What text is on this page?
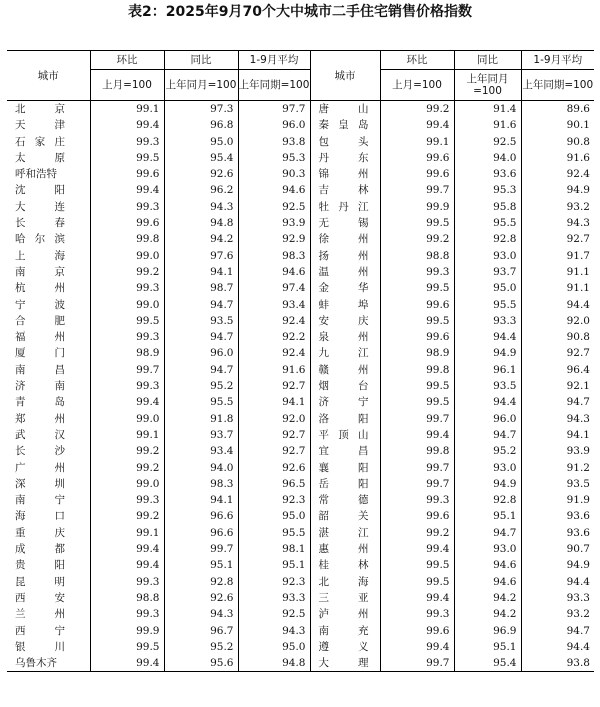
表2：2025年9月70个大中城市二手住宅销售价格指数
城市	环比	同比	1-9月平均	城市	环比	同比	1-9月平均
	上月=100	上年同月=100	上年同期=100		上月=100	上年同月=100	上年同期=100

北 京	99.1	97.3	97.7	唐 山	99.2	91.4	89.6

天 津	99.4	96.8	96.0	秦 皇 岛	99.4	91.6	90.1

石 家 庄	99.3	95.0	93.8	包 头	99.1	92.5	90.8

太 原	99.5	95.4	95.3	丹 东	99.6	94.0	91.6

呼 和 浩 特	99.6	92.6	90.3	锦 州	99.6	93.6	92.4

沈 阳	99.4	96.2	94.6	吉 林	99.7	95.3	94.9

大 连	99.3	94.3	92.5	牡 丹 江	99.9	95.8	93.2

长 春	99.6	94.8	93.9	无 锡	99.5	95.5	94.3

哈 尔 滨	99.8	94.2	92.9	徐 州	99.2	92.8	92.7

上 海	99.0	97.6	98.3	扬 州	98.8	93.0	91.7

南 京	99.2	94.1	94.6	温 州	99.3	93.7	91.1

杭 州	99.3	98.7	97.4	金 华	99.5	95.0	91.1

宁 波	99.0	94.7	93.4	蚌 埠	99.6	95.5	94.4

合 肥	99.5	93.5	92.4	安 庆	99.5	93.3	92.0

福 州	99.3	94.7	92.2	泉 州	99.6	94.4	90.8

厦 门	98.9	96.0	92.4	九 江	98.9	94.9	92.7

南 昌	99.7	94.7	91.6	赣 州	99.8	96.1	96.4

济 南	99.3	95.2	92.7	烟 台	99.5	93.5	92.1

青 岛	99.4	95.5	94.1	济 宁	99.5	94.4	94.7

郑 州	99.0	91.8	92.0	洛 阳	99.7	96.0	94.3

武 汉	99.1	93.7	92.7	平 顶 山	99.4	94.7	94.1

长 沙	99.2	93.4	92.7	宜 昌	99.8	95.2	93.9

广 州	99.2	94.0	92.6	襄 阳	99.7	93.0	91.2

深 圳	99.0	98.3	96.5	岳 阳	99.7	94.9	93.5

南 宁	99.3	94.1	92.3	常 德	99.3	92.8	91.9

海 口	99.2	96.6	95.0	韶 关	99.6	95.1	93.6

重 庆	99.1	96.6	95.5	湛 江	99.2	94.7	93.6

成 都	99.4	99.7	98.1	惠 州	99.4	93.0	90.7

贵 阳	99.4	95.1	95.1	桂 林	99.5	94.6	94.9

昆 明	99.3	92.8	92.3	北 海	99.5	94.6	94.4

西 安	98.8	92.6	93.3	三 亚	99.4	94.2	93.3

兰 州	99.3	94.3	92.5	泸 州	99.3	94.2	93.2

西 宁	99.9	96.7	94.3	南 充	99.6	96.9	94.7

银 川	99.5	95.2	95.0	遵 义	99.4	95.1	94.4

乌 鲁 木 齐	99.4	95.6	94.8	大 理	99.7	95.4	93.8
